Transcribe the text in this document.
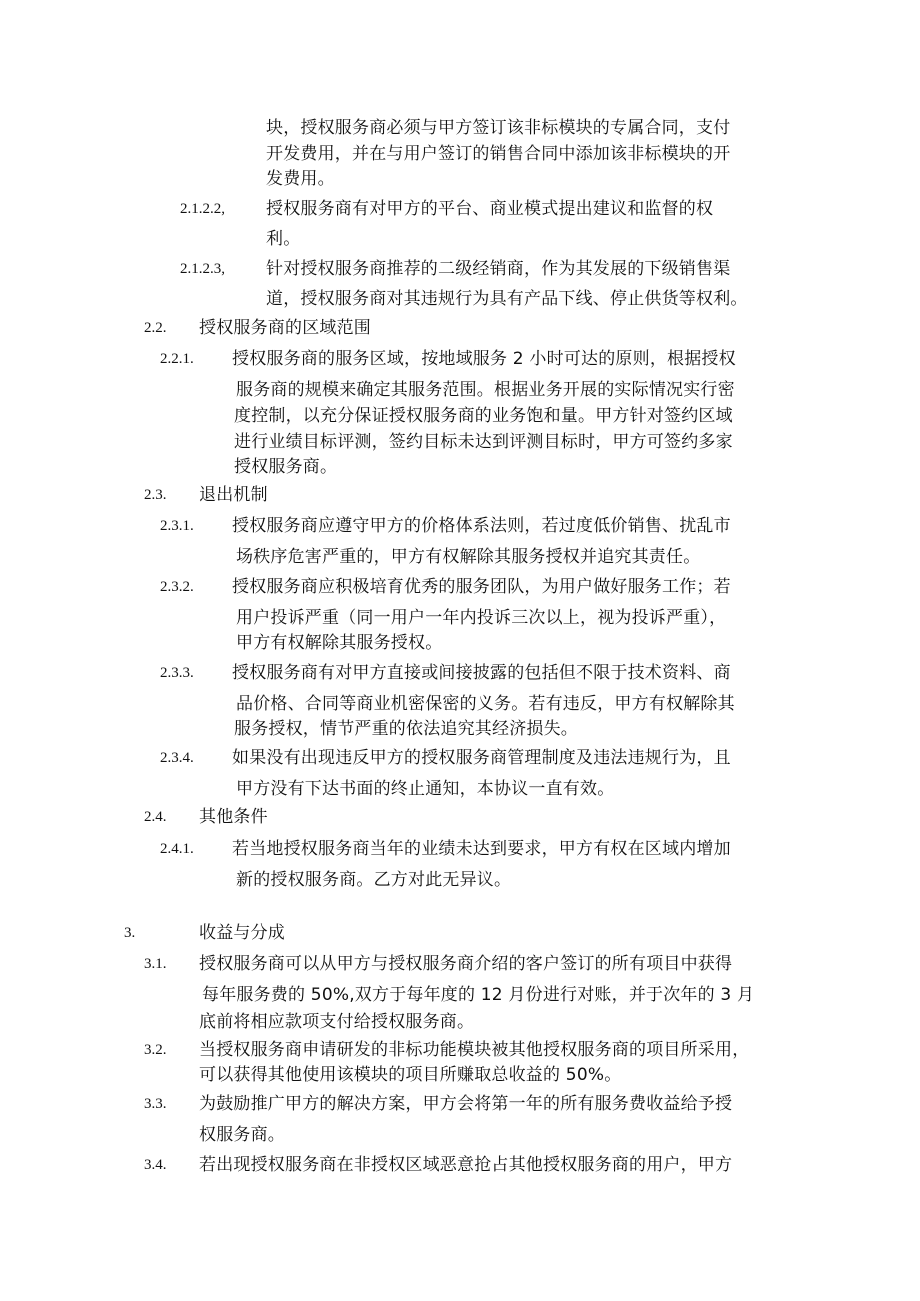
块，授权服务商必须与甲方签订该非标模块的专属合同，支付
开发费用，并在与用户签订的销售合同中添加该非标模块的开
发费用。
2.1.2.2, 授权服务商有对甲方的平台、商业模式提出建议和监督的权
利。
2.1.2.3, 针对授权服务商推荐的二级经销商，作为其发展的下级销售渠
道，授权服务商对其违规行为具有产品下线、停止供货等权利。
2.2. 授权服务商的区域范围
2.2.1. 授权服务商的服务区域，按地域服务 2 小时可达的原则，根据授权
服务商的规模来确定其服务范围。根据业务开展的实际情况实行密
度控制，以充分保证授权服务商的业务饱和量。甲方针对签约区域
进行业绩目标评测，签约目标未达到评测目标时，甲方可签约多家
授权服务商。
2.3. 退出机制
2.3.1. 授权服务商应遵守甲方的价格体系法则，若过度低价销售、扰乱市
场秩序危害严重的，甲方有权解除其服务授权并追究其责任。
2.3.2. 授权服务商应积极培育优秀的服务团队，为用户做好服务工作；若
用户投诉严重（同一用户一年内投诉三次以上，视为投诉严重），
甲方有权解除其服务授权。
2.3.3. 授权服务商有对甲方直接或间接披露的包括但不限于技术资料、商
品价格、合同等商业机密保密的义务。若有违反，甲方有权解除其
服务授权，情节严重的依法追究其经济损失。
2.3.4. 如果没有出现违反甲方的授权服务商管理制度及违法违规行为，且
甲方没有下达书面的终止通知，本协议一直有效。
2.4. 其他条件
2.4.1. 若当地授权服务商当年的业绩未达到要求，甲方有权在区域内增加
新的授权服务商。乙方对此无异议。
3.	收益与分成
3.1. 授权服务商可以从甲方与授权服务商介绍的客户签订的所有项目中获得
每年服务费的 50%,双方于每年度的 12 月份进行对账，并于次年的 3 月
底前将相应款项支付给授权服务商。
3.2. 当授权服务商申请研发的非标功能模块被其他授权服务商的项目所采用，
可以获得其他使用该模块的项目所赚取总收益的 50%。
3.3. 为鼓励推广甲方的解决方案，甲方会将第一年的所有服务费收益给予授
权服务商。
3.4. 若出现授权服务商在非授权区域恶意抢占其他授权服务商的用户，甲方
